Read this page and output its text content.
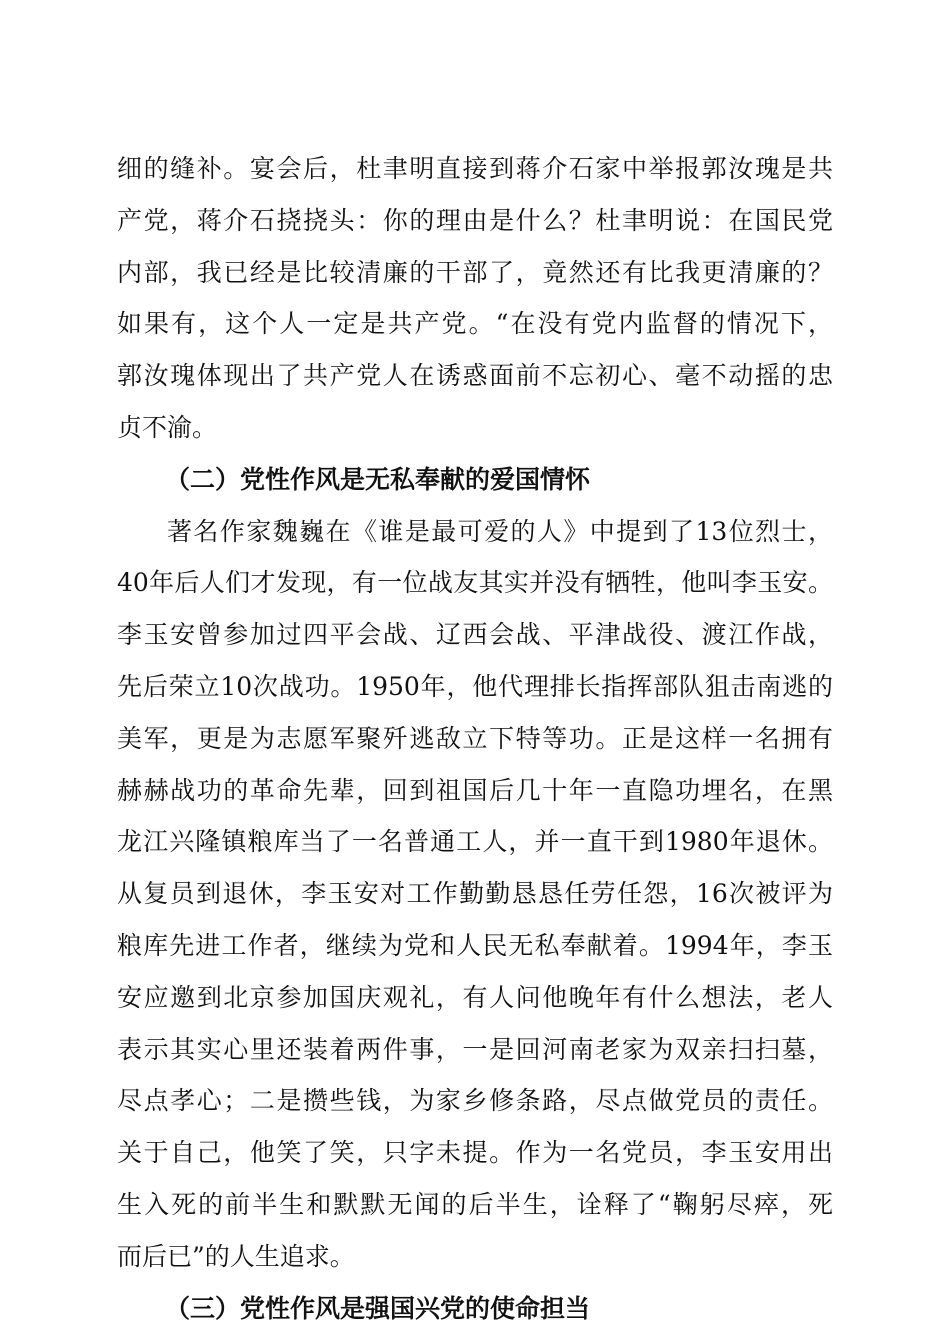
细的缝补。宴会后，杜聿明直接到蒋介石家中举报郭汝瑰是共
产党，蒋介石挠挠头：你的理由是什么？杜聿明说：在国民党
内部，我已经是比较清廉的干部了，竟然还有比我更清廉的？
如果有，这个人一定是共产党。“在没有党内监督的情况下，
郭汝瑰体现出了共产党人在诱惑面前不忘初心、毫不动摇的忠
贞不渝。
（二）党性作风是无私奉献的爱国情怀
著名作家魏巍在《谁是最可爱的人》中提到了13位烈士，
40年后人们才发现，有一位战友其实并没有牺牲，他叫李玉安。
李玉安曾参加过四平会战、辽西会战、平津战役、渡江作战，
先后荣立10次战功。1950年，他代理排长指挥部队狙击南逃的
美军，更是为志愿军聚歼逃敌立下特等功。正是这样一名拥有
赫赫战功的革命先辈，回到祖国后几十年一直隐功埋名，在黑
龙江兴隆镇粮库当了一名普通工人，并一直干到1980年退休。
从复员到退休，李玉安对工作勤勤恳恳任劳任怨，16次被评为
粮库先进工作者，继续为党和人民无私奉献着。1994年，李玉
安应邀到北京参加国庆观礼，有人问他晚年有什么想法，老人
表示其实心里还装着两件事，一是回河南老家为双亲扫扫墓，
尽点孝心；二是攒些钱，为家乡修条路，尽点做党员的责任。
关于自己，他笑了笑，只字未提。作为一名党员，李玉安用出
生入死的前半生和默默无闻的后半生，诠释了“鞠躬尽瘁，死
而后已”的人生追求。
（三）党性作风是强国兴党的使命担当
